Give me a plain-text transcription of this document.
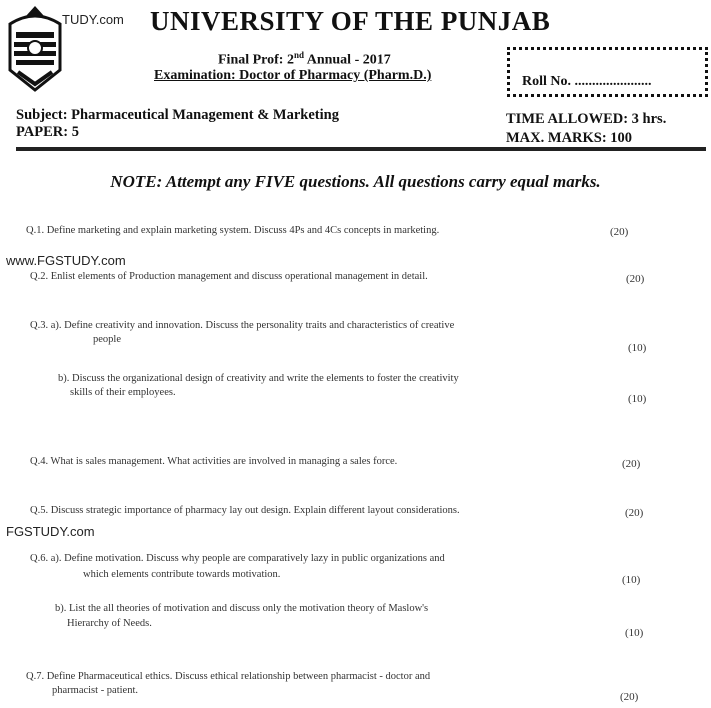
TUDY.com UNIVERSITY OF THE PUNJAB
Final Prof: 2nd Annual - 2017
Examination: Doctor of Pharmacy (Pharm.D.)	Roll No. ......................
Subject: Pharmaceutical Management & Marketing
PAPER: 5
TIME ALLOWED: 3 hrs.
MAX. MARKS: 100
NOTE: Attempt any FIVE questions. All questions carry equal marks.
Q.1. Define marketing and explain marketing system. Discuss 4Ps and 4Cs concepts in marketing.	(20)
www.FGSTUDY.com
Q.2. Enlist elements of Production management and discuss operational management in detail.	(20)
Q.3. a). Define creativity and innovation. Discuss the personality traits and characteristics of creative
people
(10)
b). Discuss the organizational design of creativity and write the elements to foster the creativity
skills of their employees.
(10)
Q.4. What is sales management. What activities are involved in managing a sales force.	(20)
Q.5. Discuss strategic importance of pharmacy lay out design. Explain different layout considerations.	(20)
FGSTUDY.com
Q.6. a). Define motivation. Discuss why people are comparatively lazy in public organizations and
which elements contribute towards motivation.	(10)
b). List the all theories of motivation and discuss only the motivation theory of Maslow's
Hierarchy of Needs.
(10)
Q.7. Define Pharmaceutical ethics. Discuss ethical relationship between pharmacist - doctor and
pharmacist - patient.
(20)
